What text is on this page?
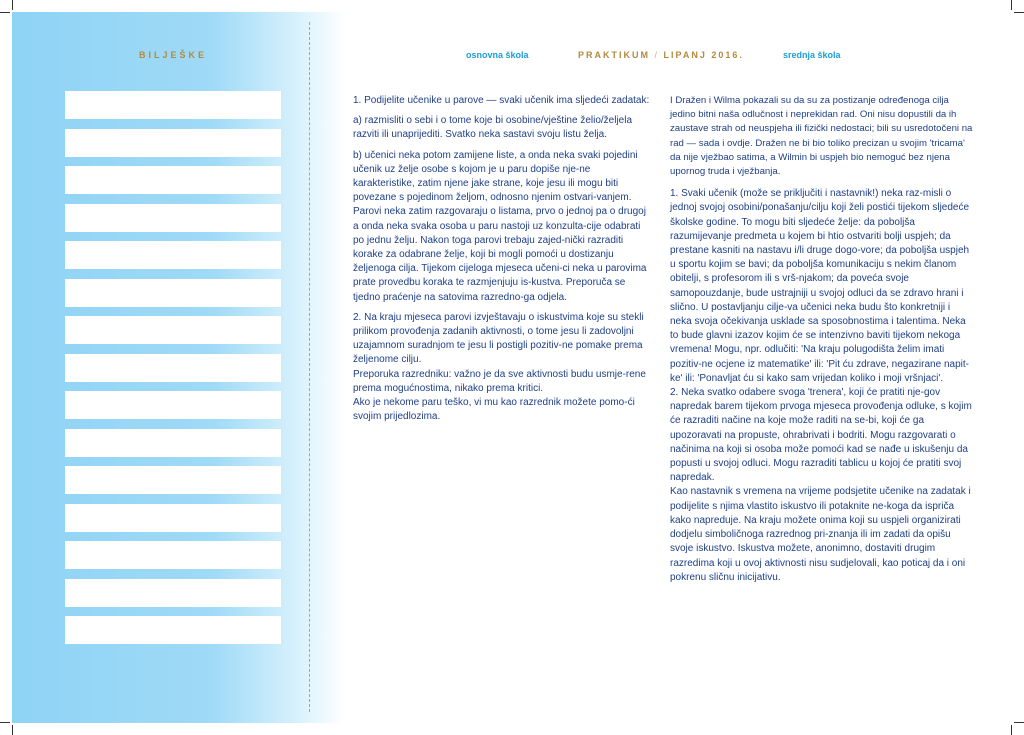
BILJEŠKE	osnovna škola	PRAKTIKUM / LIPANJ 2016.	srednja škola

1. Podijelite učenike u parove — svaki učenik ima sljedeći zadatak:

a) razmisliti o sebi i o tome koje bi osobine/vještine želio/željela razviti ili unaprijediti. Svatko neka sastavi svoju listu želja.

b) učenici neka potom zamijene liste, a onda neka svaki pojedini učenik uz želje osobe s kojom je u paru dopiše nje-ne karakteristike, zatim njene jake strane, koje jesu ili mogu biti povezane s pojedinom željom, odnosno njenim ostvari-vanjem.

Parovi neka zatim razgovaraju o listama, prvo o jednoj pa o drugoj a onda neka svaka osoba u paru nastoji uz konzulta-cije odabrati po jednu želju. Nakon toga parovi trebaju zajed-nički razraditi korake za odabrane želje, koji bi mogli pomoći u dostizanju željenoga cilja. Tijekom cijeloga mjeseca učeni-ci neka u parovima prate provedbu koraka te razmjenjuju is-kustva. Preporuča se tjedno praćenje na satovima razredno-ga odjela.

2. Na kraju mjeseca parovi izvještavaju o iskustvima koje su stekli prilikom provođenja zadanih aktivnosti, o tome jesu li zadovoljni uzajamnom suradnjom te jesu li postigli pozitiv-ne pomake prema željenome cilju.

Preporuka razredniku: važno je da sve aktivnosti budu usmje-rene prema mogućnostima, nikako prema kritici.

Ako je nekome paru teško, vi mu kao razrednik možete pomo-ći svojim prijedlozima.

I Dražen i Wilma pokazali su da su za postizanje određenoga cilja jedino bitni naša odlučnost i neprekidan rad. Oni nisu dopustili da ih zaustave strah od neuspjeha ili fizički nedostaci; bili su usredotočeni na rad — sada i ovdje. Dražen ne bi bio toliko precizan u svojim 'tricama' da nije vježbao satima, a Wilmin bi uspjeh bio nemoguć bez njena upornog truda i vježbanja.

1. Svaki učenik (može se priključiti i nastavnik!) neka raz-misli o jednoj svojoj osobini/ponašanju/cilju koji želi postići tijekom sljedeće školske godine. To mogu biti sljedeće želje: da poboljša razumijevanje predmeta u kojem bi htio ostvariti bolji uspjeh; da prestane kasniti na nastavu i/li druge dogo-vore; da poboljša uspjeh u sportu kojim se bavi; da poboljša komunikaciju s nekim članom obitelji, s profesorom ili s vrš-njakom; da poveća svoje samopouzdanje, bude ustrajniji u svojoj odluci da se zdravo hrani i slično. U postavljanju cilje-va učenici neka budu što konkretniji i neka svoja očekivanja usklade sa sposobnostima i talentima. Neka to bude glavni izazov kojim će se intenzivno baviti tijekom nekoga vremena! Mogu, npr. odlučiti: 'Na kraju polugodišta želim imati pozitiv-ne ocjene iz matematike' ili: 'Pit ću zdrave, negazirane napit-ke' ili: 'Ponavljat ću si kako sam vrijedan koliko i moji vršnjaci'.

2. Neka svatko odabere svoga 'trenera', koji će pratiti nje-gov napredak barem tijekom prvoga mjeseca provođenja odluke, s kojim će razraditi načine na koje može raditi na se-bi, koji će ga upozoravati na propuste, ohrabrivati i bodriti. Mogu razgovarati o načinima na koji si osoba može pomoći kad se nađe u iskušenju da popusti u svojoj odluci. Mogu razraditi tablicu u kojoj će pratiti svoj napredak.

Kao nastavnik s vremena na vrijeme podsjetite učenike na zadatak i podijelite s njima vlastito iskustvo ili potaknite ne-koga da ispriča kako napreduje. Na kraju možete onima koji su uspjeli organizirati dodjelu simboličnoga razrednog pri-znanja ili im zadati da opišu svoje iskustvo. Iskustva možete, anonimno, dostaviti drugim razredima koji u ovoj aktivnosti nisu sudjelovali, kao poticaj da i oni pokrenu sličnu inicijativu.
